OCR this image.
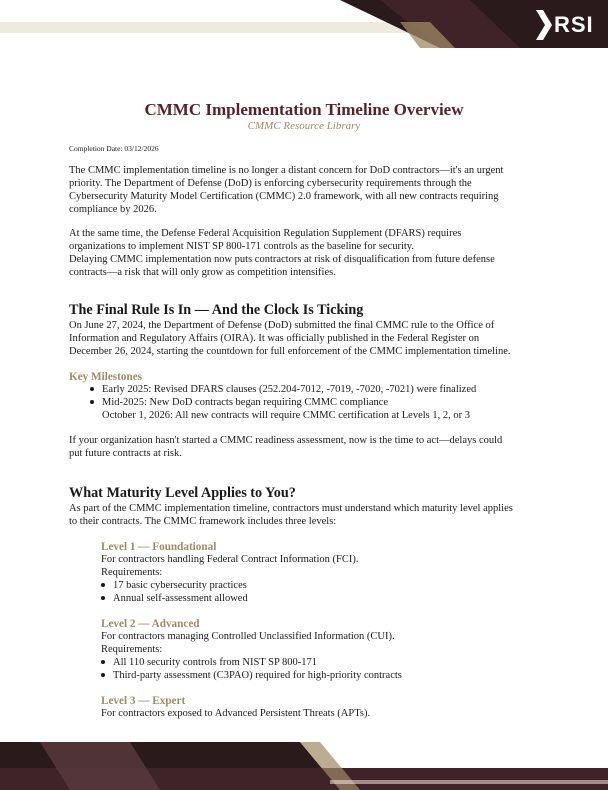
RSI
CMMC Implementation Timeline Overview
CMMC Resource Library
Completion Date: 03/12/2026
The CMMC implementation timeline is no longer a distant concern for DoD contractors—it's an urgent
priority. The Department of Defense (DoD) is enforcing cybersecurity requirements through the
Cybersecurity Maturity Model Certification (CMMC) 2.0 framework, with all new contracts requiring
compliance by 2026.
At the same time, the Defense Federal Acquisition Regulation Supplement (DFARS) requires
organizations to implement NIST SP 800-171 controls as the baseline for security.
Delaying CMMC implementation now puts contractors at risk of disqualification from future defense
contracts—a risk that will only grow as competition intensifies.
The Final Rule Is In — And the Clock Is Ticking
On June 27, 2024, the Department of Defense (DoD) submitted the final CMMC rule to the Office of
Information and Regulatory Affairs (OIRA). It was officially published in the Federal Register on
December 26, 2024, starting the countdown for full enforcement of the CMMC implementation timeline.
Key Milestones
Early 2025: Revised DFARS clauses (252.204-7012, -7019, -7020, -7021) were finalized
Mid-2025: New DoD contracts began requiring CMMC compliance
October 1, 2026: All new contracts will require CMMC certification at Levels 1, 2, or 3
If your organization hasn't started a CMMC readiness assessment, now is the time to act—delays could
put future contracts at risk.
What Maturity Level Applies to You?
As part of the CMMC implementation timeline, contractors must understand which maturity level applies
to their contracts. The CMMC framework includes three levels:
Level 1 — Foundational
For contractors handling Federal Contract Information (FCI).
Requirements:
17 basic cybersecurity practices
Annual self-assessment allowed
Level 2 — Advanced
For contractors managing Controlled Unclassified Information (CUI).
Requirements:
All 110 security controls from NIST SP 800-171
Third-party assessment (C3PAO) required for high-priority contracts
Level 3 — Expert
For contractors exposed to Advanced Persistent Threats (APTs).
